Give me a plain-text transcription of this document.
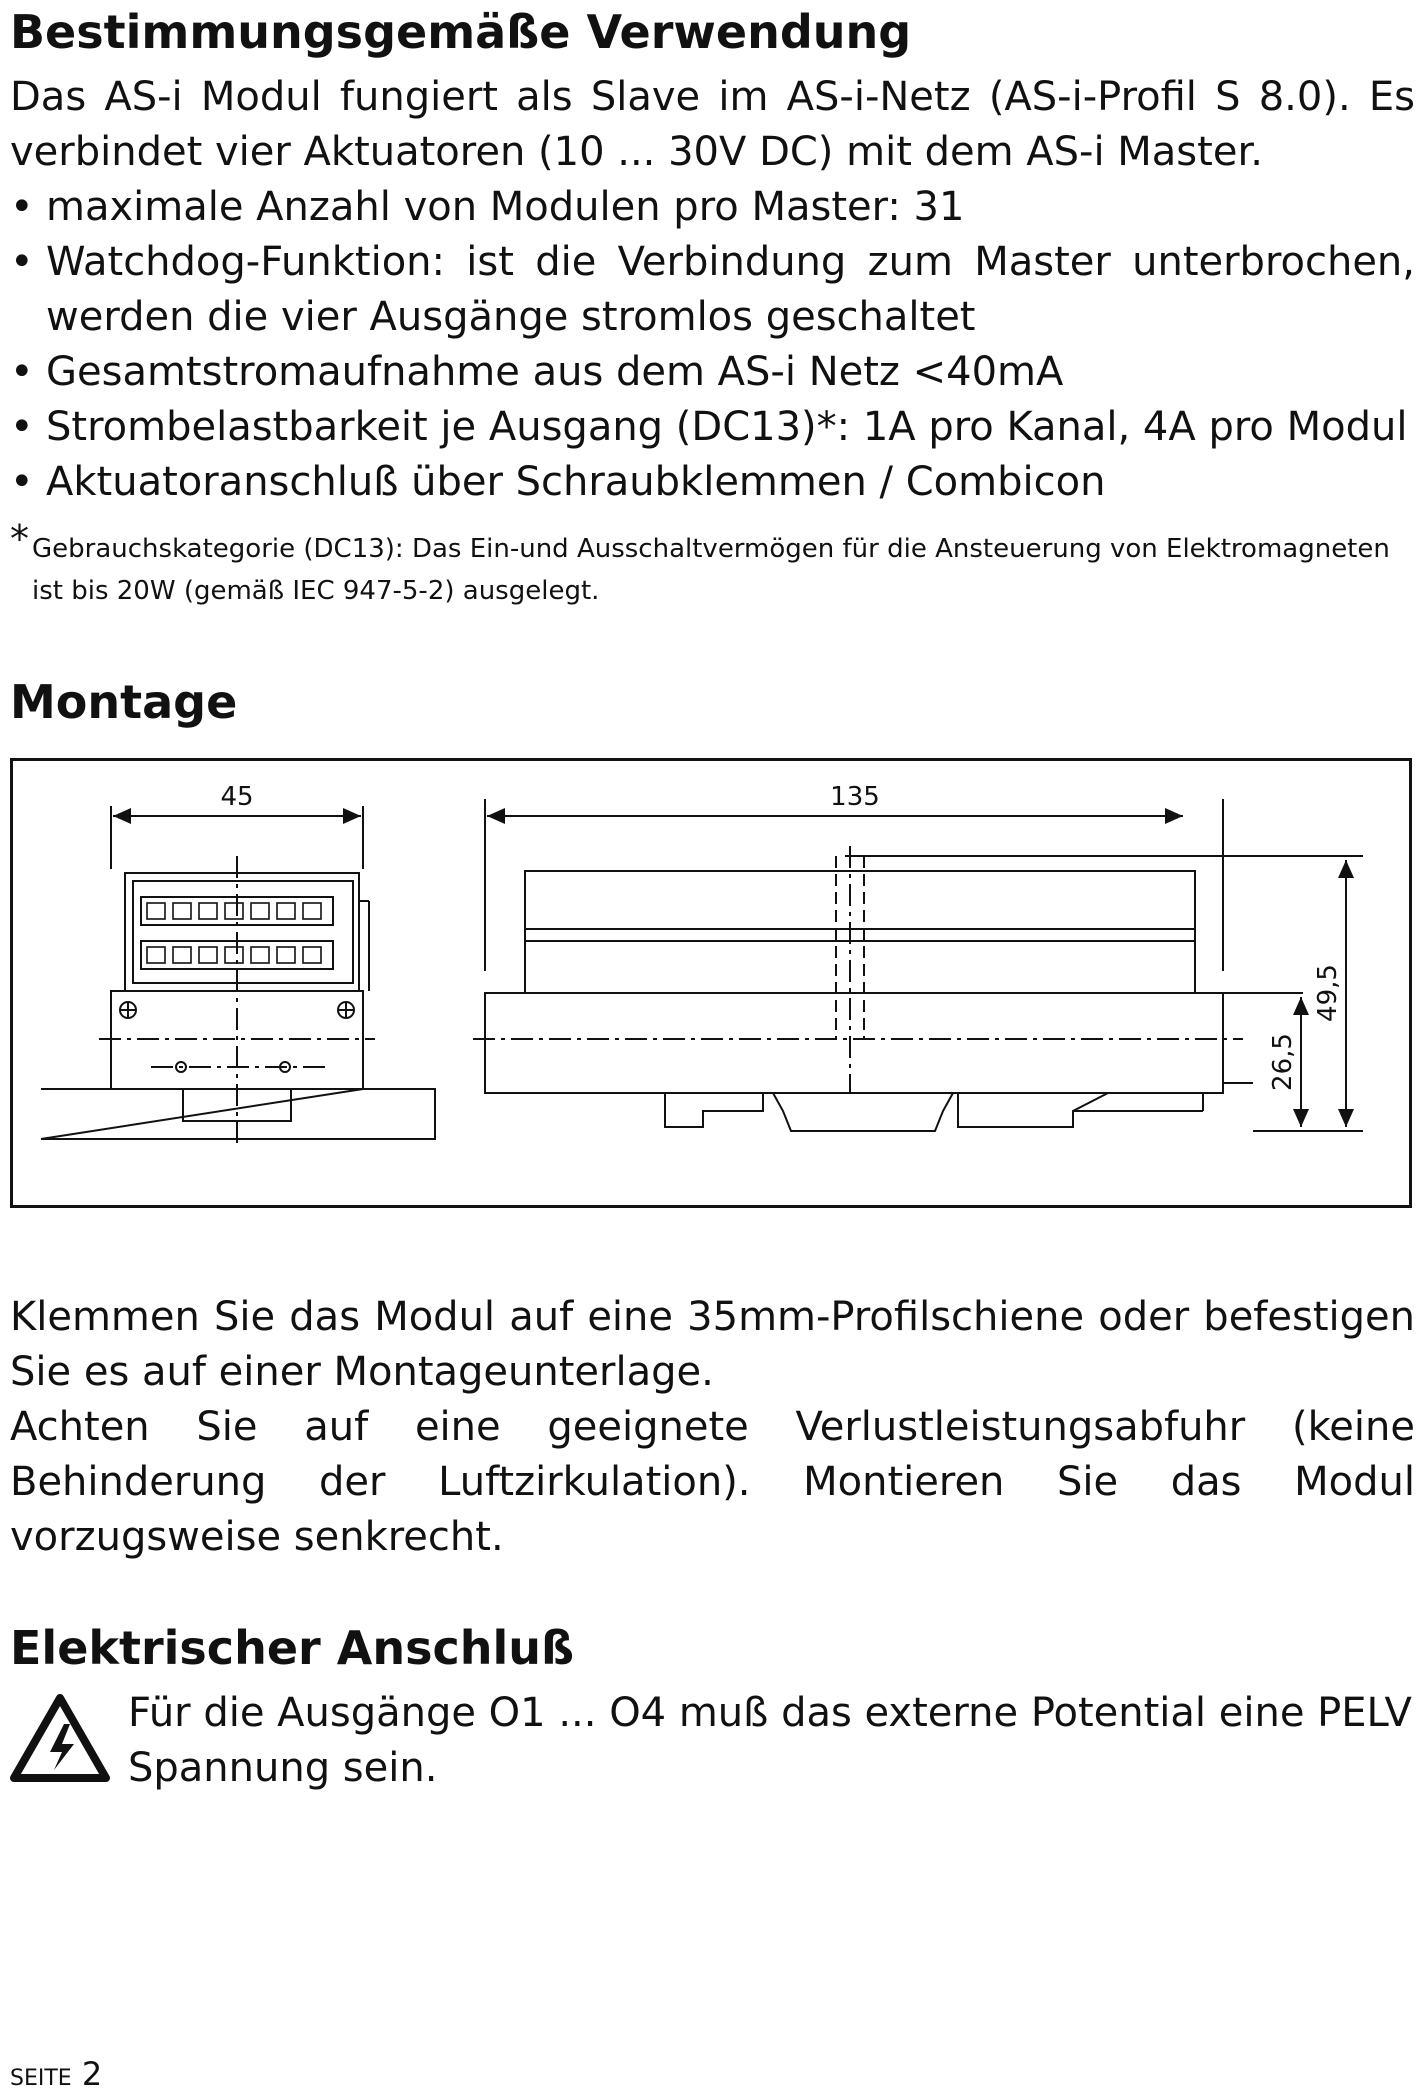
Bestimmungsgemäße Verwendung

Das AS-i Modul fungiert als Slave im AS-i-Netz (AS-i-Profil S 8.0). Es

verbindet vier Aktuatoren (10 ... 30V DC) mit dem AS-i Master.

• maximale Anzahl von Modulen pro Master: 31
• Watchdog-Funktion: ist die Verbindung zum Master unterbrochen, werden die vier Ausgänge stromlos geschaltet
• Gesamtstromaufnahme aus dem AS-i Netz <40mA
• Strombelastbarkeit je Ausgang (DC13)*: 1A pro Kanal, 4A pro Modul
• Aktuatoranschluß über Schraubklemmen / Combicon
* Gebrauchskategorie (DC13): Das Ein-und Ausschaltvermögen für die Ansteuerung von Elektromagneten ist bis 20W (gemäß IEC 947-5-2) ausgelegt.
Montage
45	135
26,5
49,5

Klemmen Sie das Modul auf eine 35mm-Profilschiene oder befestigen Sie es auf einer Montageunterlage.

Achten Sie auf eine geeignete Verlustleistungsabfuhr (keine Behinderung der Luftzirkulation). Montieren Sie das Modul vorzugsweise senkrecht.

Elektrischer Anschluß
Für die Ausgänge O1 ... O4 muß das externe Potential eine PELV Spannung sein.
SEITE 2
